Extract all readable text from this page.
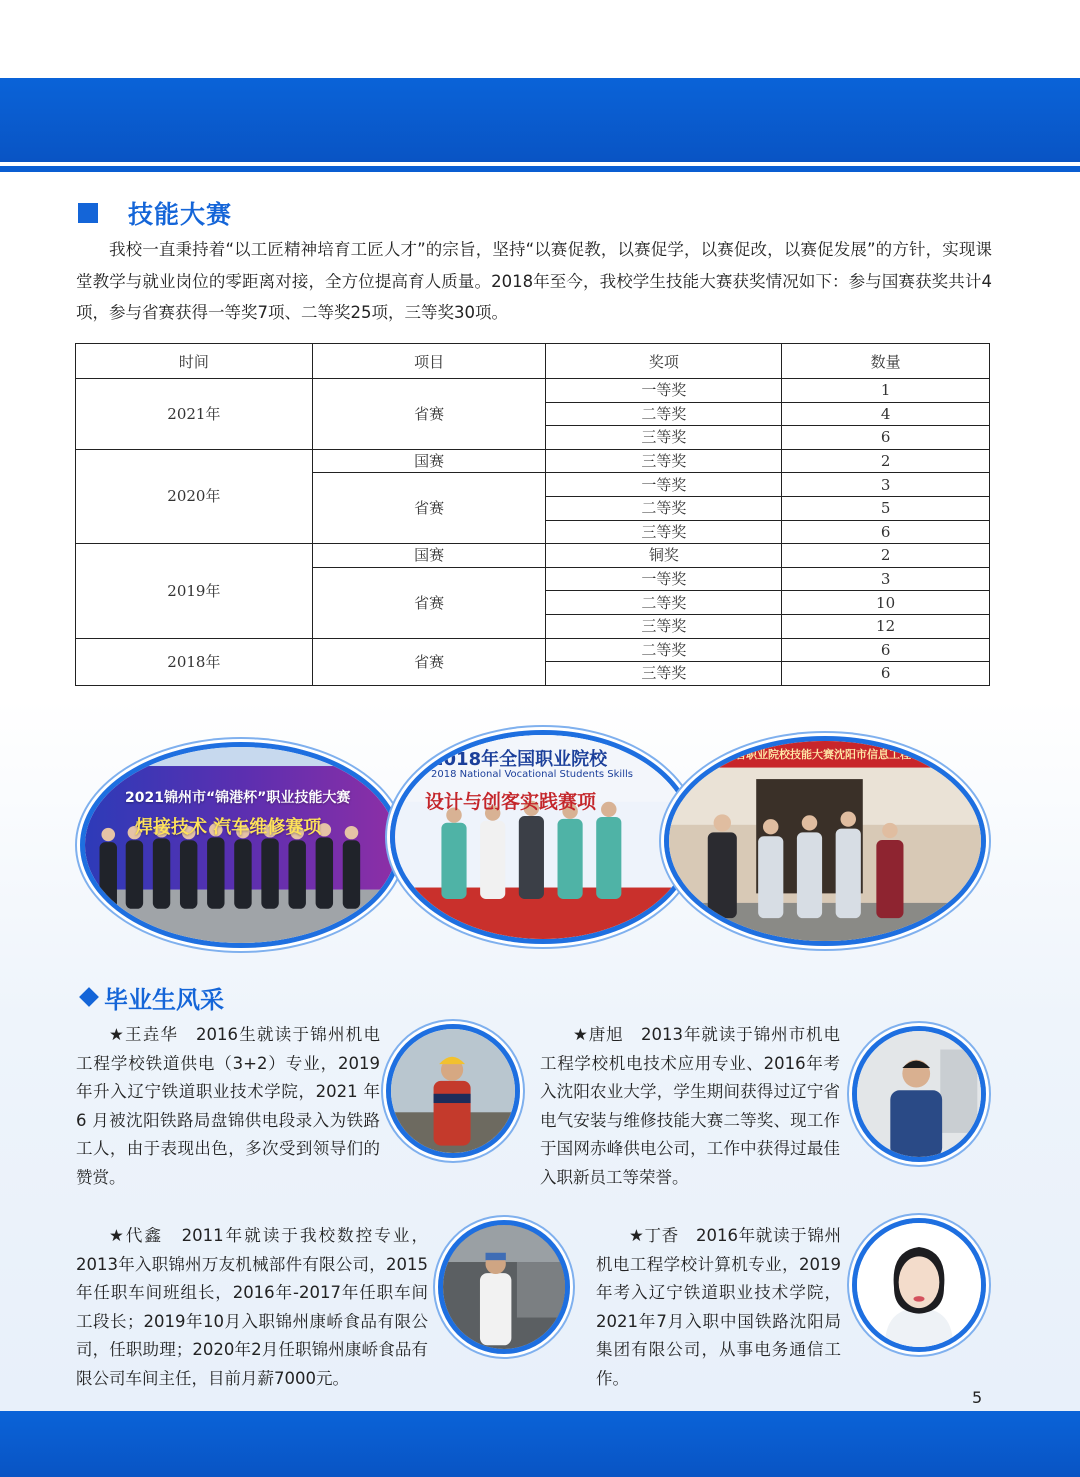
技能大赛

我校一直秉持着“以工匠精神培育工匠人才”的宗旨，坚持“以赛促教，以赛促学，以赛促改，以赛促发展”的方针，实现课堂教学与就业岗位的零距离对接，全方位提高育人质量。2018年至今，我校学生技能大赛获奖情况如下：参与国赛获奖共计4项，参与省赛获得一等奖7项、二等奖25项，三等奖30项。

时间	项目	奖项	数量
2021年	省赛	一等奖	1
		二等奖	4
		三等奖	6
2020年	国赛	三等奖	2
	省赛	一等奖	3
		二等奖	5
		三等奖	6
2019年	国赛	铜奖	2
	省赛	一等奖	3
		二等奖	10
		三等奖	12
2018年	省赛	二等奖	6
		三等奖	6
2021锦州市“锦港杯”职业技能大赛
焊接技术 汽车维修赛项
2018年全国职业院校
2018 National Vocational Students Skills
设计与创客实践赛项
辽宁省职业院校技能大赛沈阳市信息工程学校
毕业生风采
★王垚华　2016生就读于锦州机电工程学校铁道供电（3+2）专业，2019 年升入辽宁铁道职业技术学院，2021 年 6 月被沈阳铁路局盘锦供电段录入为铁路工人，由于表现出色，多次受到领导们的赞赏。
★唐旭　2013年就读于锦州市机电工程学校机电技术应用专业、2016年考入沈阳农业大学，学生期间获得过辽宁省电气安装与维修技能大赛二等奖、现工作于国网赤峰供电公司，工作中获得过最佳入职新员工等荣誉。
★代鑫　2011年就读于我校数控专业，2013年入职锦州万友机械部件有限公司，2015年任职车间班组长，2016年-2017年任职车间工段长；2019年10月入职锦州康峤食品有限公司，任职助理；2020年2月任职锦州康峤食品有限公司车间主任，目前月薪7000元。
★丁香　2016年就读于锦州机电工程学校计算机专业，2019年考入辽宁铁道职业技术学院，2021年7月入职中国铁路沈阳局集团有限公司，从事电务通信工作。
5
